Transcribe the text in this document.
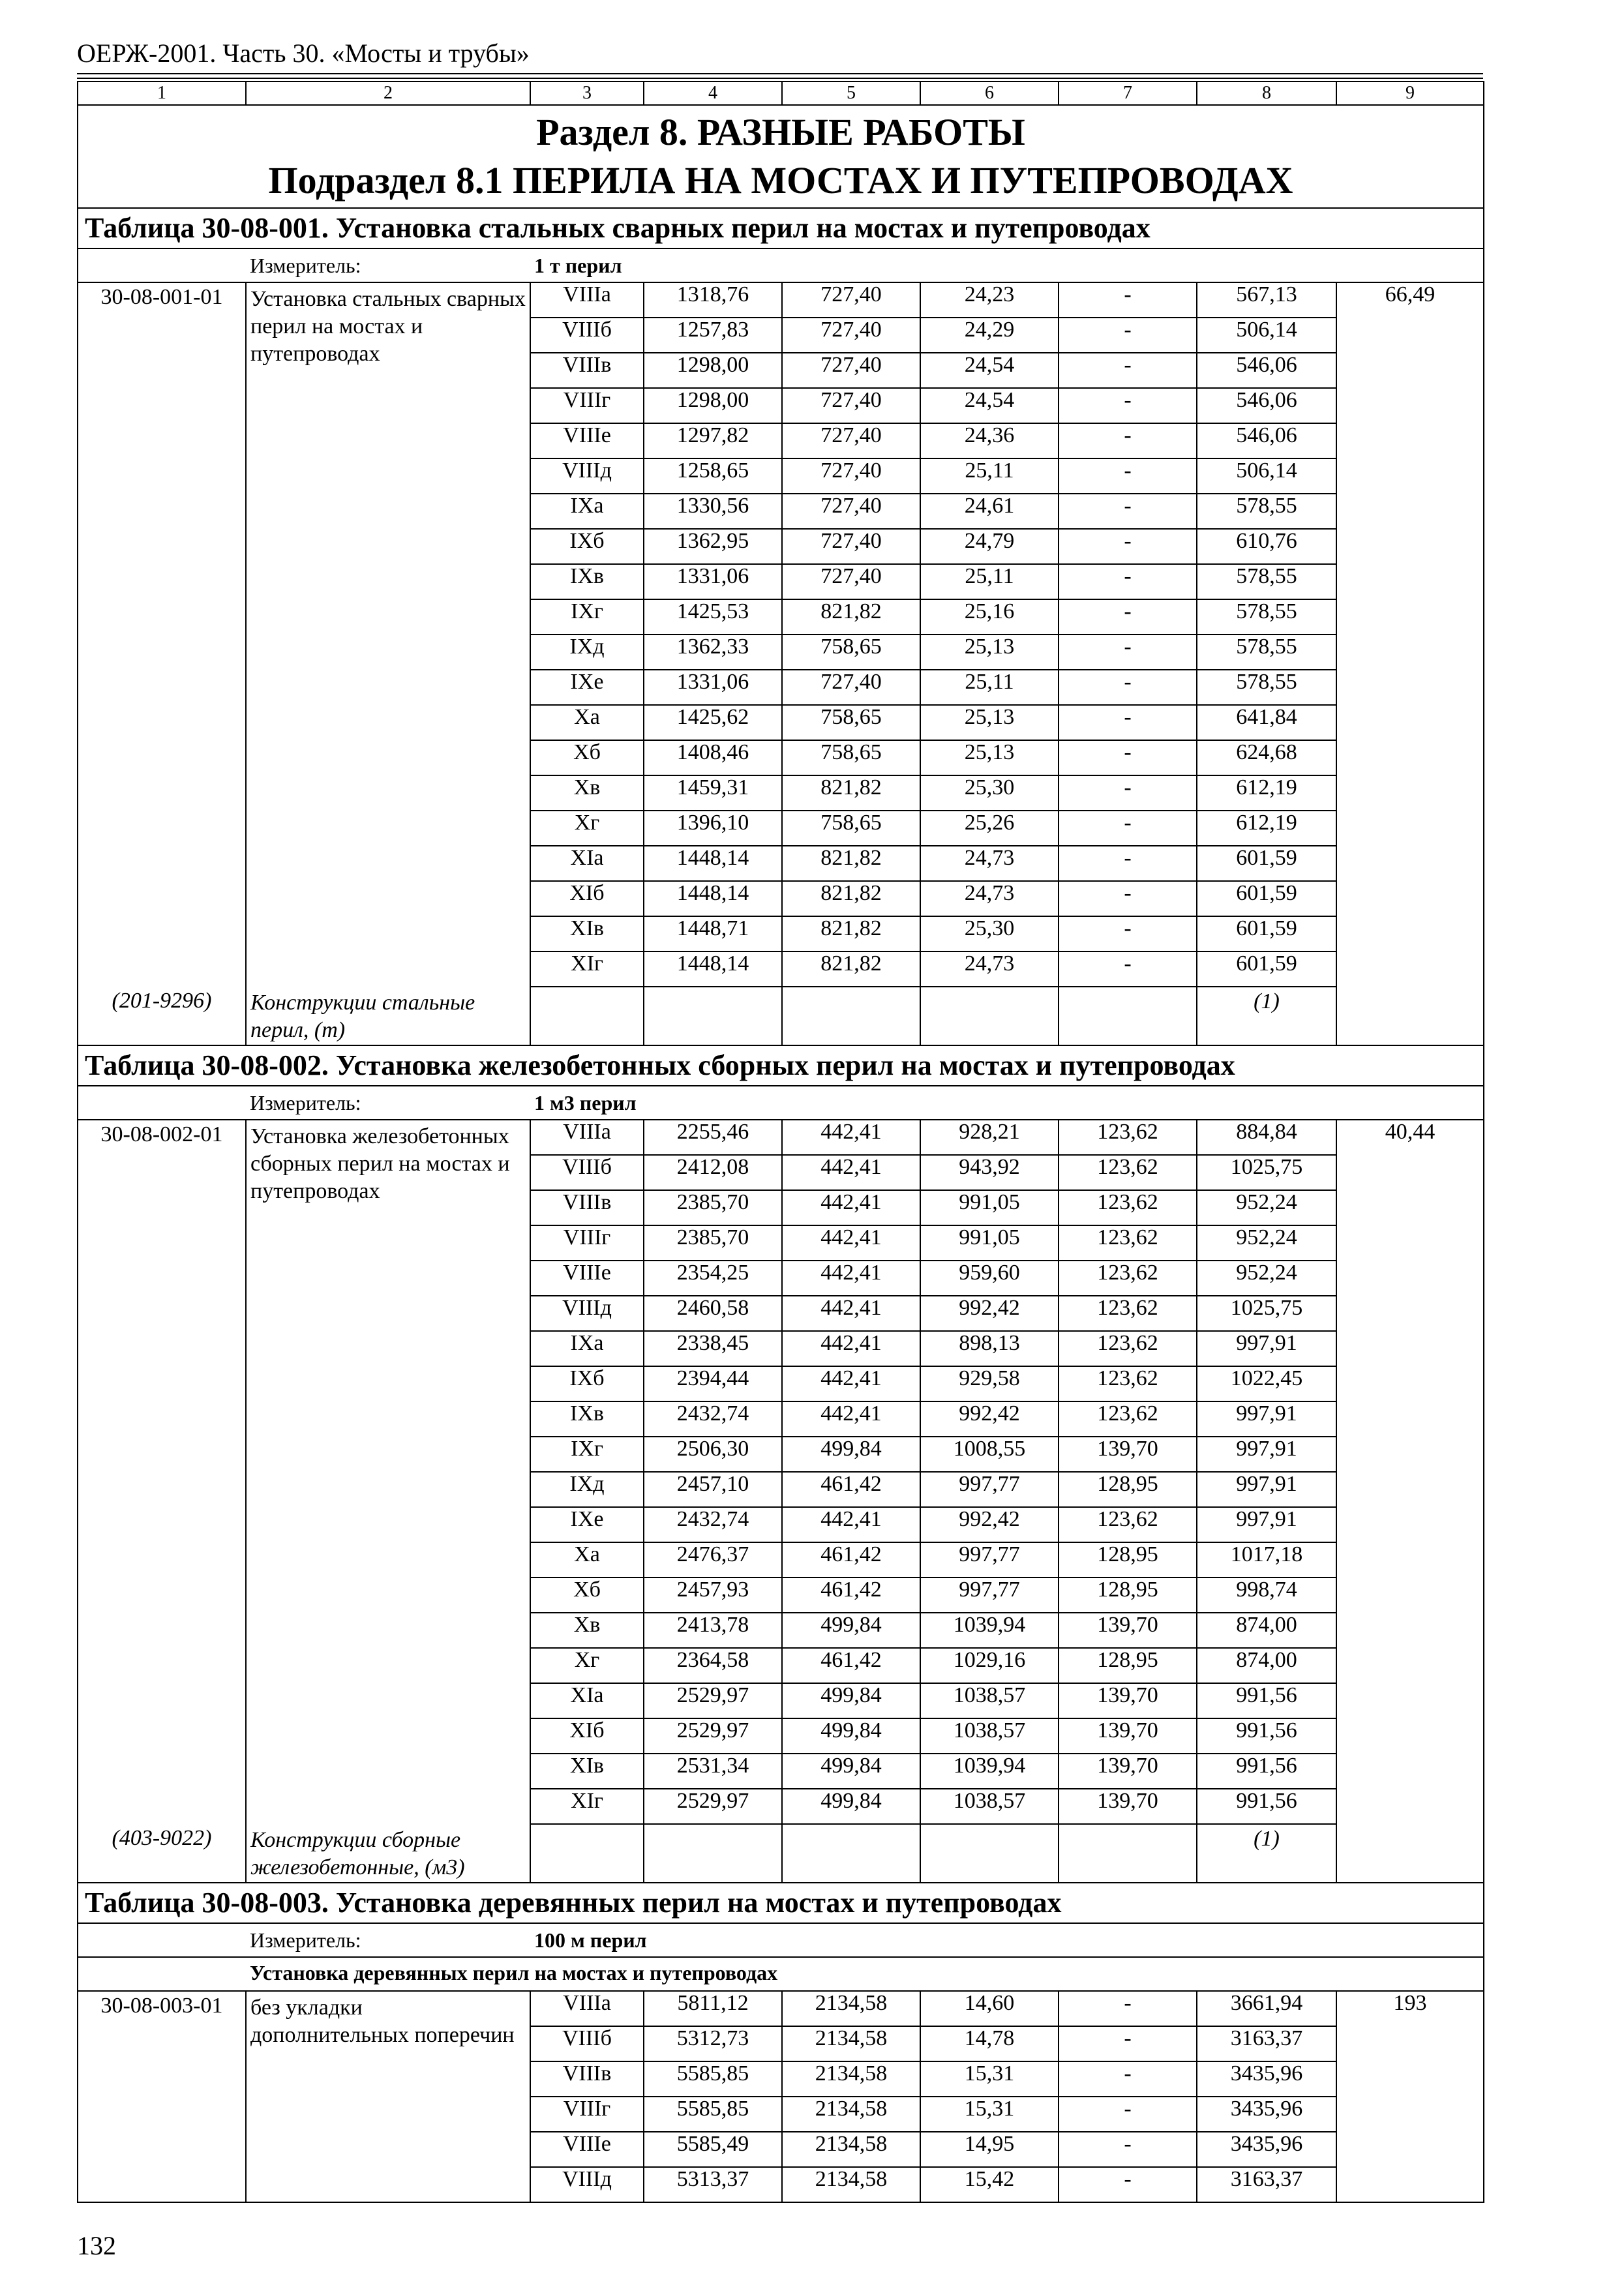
ОЕРЖ-2001. Часть 30. «Мосты и трубы»
1	2	3	4	5	6	7	8	9

Раздел 8. РАЗНЫЕ РАБОТЫ
Подраздел 8.1 ПЕРИЛА НА МОСТАХ И ПУТЕПРОВОДАХ								

Таблица 30-08-001. Установка стальных сварных перил на мостах и путепроводах								
	Измеритель:	1 т перил						
30-08-001-01	Установка стальных сварных перил на мостах и путепроводах	VIIIа	1318,76	727,40	24,23	-	567,13	66,49
		VIIIб	1257,83	727,40	24,29	-	506,14	
		VIIIв	1298,00	727,40	24,54	-	546,06	
		VIIIг	1298,00	727,40	24,54	-	546,06	
		VIIIе	1297,82	727,40	24,36	-	546,06	
		VIIIд	1258,65	727,40	25,11	-	506,14	
		IXа	1330,56	727,40	24,61	-	578,55	
		IXб	1362,95	727,40	24,79	-	610,76	
		IXв	1331,06	727,40	25,11	-	578,55	
		IXг	1425,53	821,82	25,16	-	578,55	
		IXд	1362,33	758,65	25,13	-	578,55	
		IXе	1331,06	727,40	25,11	-	578,55	
		Xа	1425,62	758,65	25,13	-	641,84	
		Xб	1408,46	758,65	25,13	-	624,68	
		Xв	1459,31	821,82	25,30	-	612,19	
		Xг	1396,10	758,65	25,26	-	612,19	
		XIа	1448,14	821,82	24,73	-	601,59	
		XIб	1448,14	821,82	24,73	-	601,59	
		XIв	1448,71	821,82	25,30	-	601,59	
		XIг	1448,14	821,82	24,73	-	601,59	
(201-9296)	Конструкции стальные перил, (т)						(1)	
Таблица 30-08-002. Установка железобетонных сборных перил на мостах и путепроводах								
	Измеритель:	1 м3 перил						
30-08-002-01	Установка железобетонных сборных перил на мостах и путепроводах	VIIIа	2255,46	442,41	928,21	123,62	884,84	40,44
		VIIIб	2412,08	442,41	943,92	123,62	1025,75	
		VIIIв	2385,70	442,41	991,05	123,62	952,24	
		VIIIг	2385,70	442,41	991,05	123,62	952,24	
		VIIIе	2354,25	442,41	959,60	123,62	952,24	
		VIIIд	2460,58	442,41	992,42	123,62	1025,75	
		IXа	2338,45	442,41	898,13	123,62	997,91	
		IXб	2394,44	442,41	929,58	123,62	1022,45	
		IXв	2432,74	442,41	992,42	123,62	997,91	
		IXг	2506,30	499,84	1008,55	139,70	997,91	
		IXд	2457,10	461,42	997,77	128,95	997,91	
		IXе	2432,74	442,41	992,42	123,62	997,91	
		Xа	2476,37	461,42	997,77	128,95	1017,18	
		Xб	2457,93	461,42	997,77	128,95	998,74	
		Xв	2413,78	499,84	1039,94	139,70	874,00	
		Xг	2364,58	461,42	1029,16	128,95	874,00	
		XIа	2529,97	499,84	1038,57	139,70	991,56	
		XIб	2529,97	499,84	1038,57	139,70	991,56	
		XIв	2531,34	499,84	1039,94	139,70	991,56	
		XIг	2529,97	499,84	1038,57	139,70	991,56	
(403-9022)	Конструкции сборные железобетонные, (м3)						(1)	
Таблица 30-08-003. Установка деревянных перил на мостах и путепроводах								
	Измеритель:	100 м перил						
	Установка деревянных перил на мостах и путепроводах							
30-08-003-01	без укладки дополнительных поперечин	VIIIа	5811,12	2134,58	14,60	-	3661,94	193
		VIIIб	5312,73	2134,58	14,78	-	3163,37	
		VIIIв	5585,85	2134,58	15,31	-	3435,96	
		VIIIг	5585,85	2134,58	15,31	-	3435,96	
		VIIIе	5585,49	2134,58	14,95	-	3435,96	
		VIIIд	5313,37	2134,58	15,42	-	3163,37	
132
